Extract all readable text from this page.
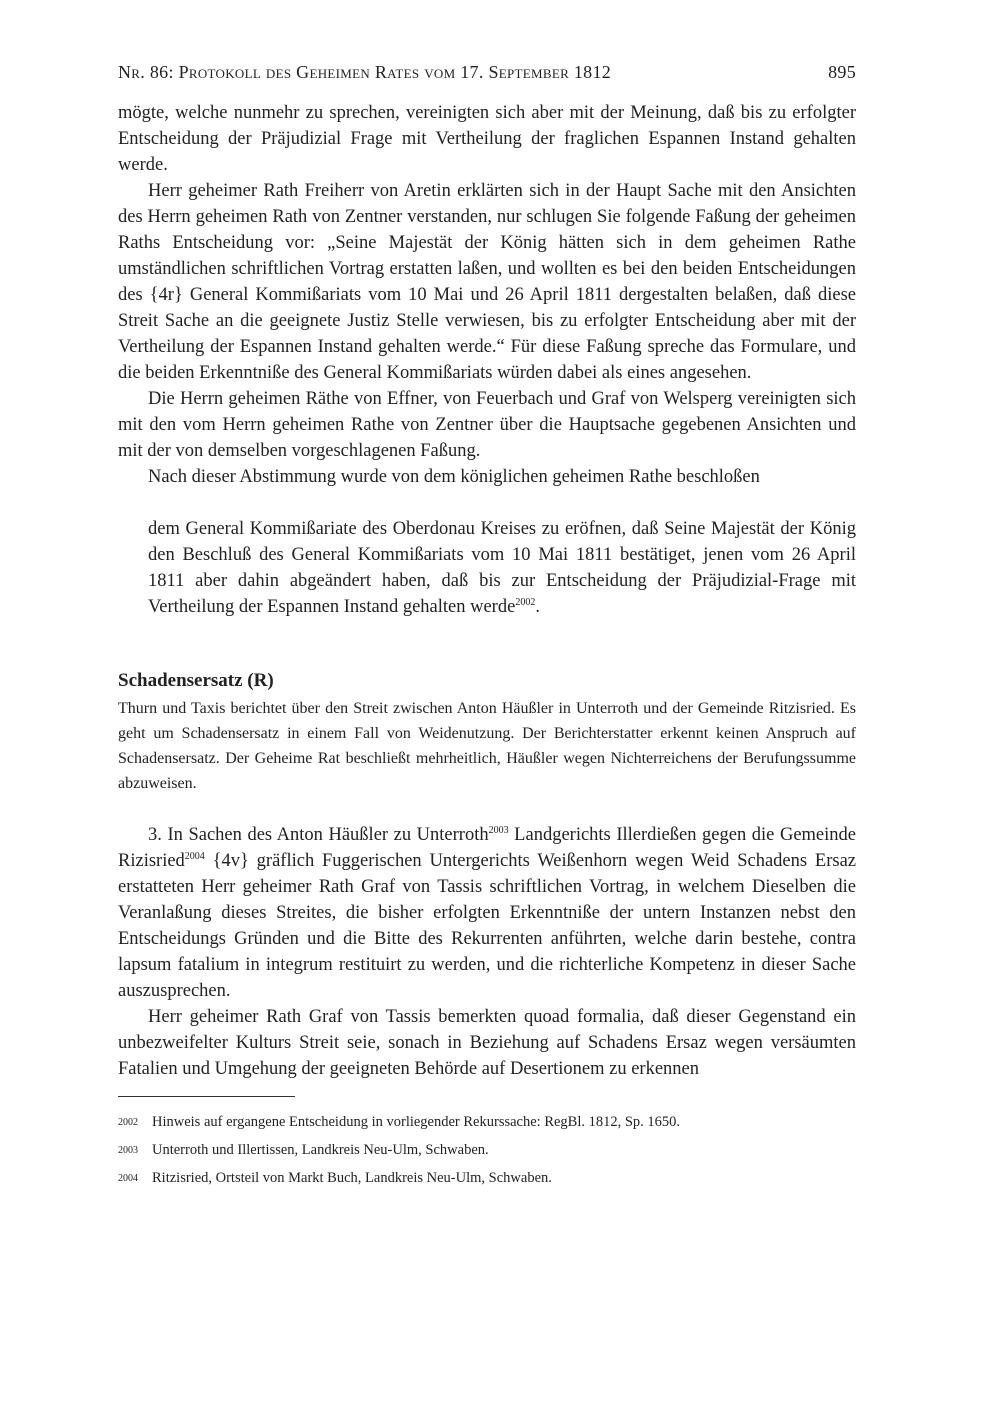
Nr. 86: Protokoll des Geheimen Rates vom 17. September 1812	895

mögte, welche nunmehr zu sprechen, vereinigten sich aber mit der Meinung, daß bis zu erfolgter Entscheidung der Präjudizial Frage mit Vertheilung der fraglichen Espannen Instand gehalten werde.

Herr geheimer Rath Freiherr von Aretin erklärten sich in der Haupt Sache mit den Ansichten des Herrn geheimen Rath von Zentner verstanden, nur schlugen Sie folgende Faßung der geheimen Raths Entscheidung vor: „Seine Majestät der König hätten sich in dem geheimen Rathe umständlichen schriftlichen Vortrag erstatten laßen, und wollten es bei den beiden Entscheidungen des {4r} General Kommißariats vom 10 Mai und 26 April 1811 dergestalten belaßen, daß diese Streit Sache an die geeignete Justiz Stelle verwiesen, bis zu erfolgter Entscheidung aber mit der Vertheilung der Espannen Instand gehalten werde.“ Für diese Faßung spreche das Formulare, und die beiden Erkenntniße des General Kommißariats würden dabei als eines angesehen.

Die Herrn geheimen Räthe von Effner, von Feuerbach und Graf von Welsperg vereinigten sich mit den vom Herrn geheimen Rathe von Zentner über die Hauptsache gegebenen Ansichten und mit der von demselben vorgeschlagenen Faßung.

Nach dieser Abstimmung wurde von dem königlichen geheimen Rathe beschloßen

dem General Kommißariate des Oberdonau Kreises zu eröfnen, daß Seine Majestät der König den Beschluß des General Kommißariats vom 10 Mai 1811 bestätiget, jenen vom 26 April 1811 aber dahin abgeändert haben, daß bis zur Entscheidung der Präjudizial-Frage mit Vertheilung der Espannen Instand gehalten werde$^{2002}$.

Schadensersatz (R)

Thurn und Taxis berichtet über den Streit zwischen Anton Häußler in Unterroth und der Gemeinde Ritzisried. Es geht um Schadensersatz in einem Fall von Weidenutzung. Der Berichterstatter erkennt keinen Anspruch auf Schadensersatz. Der Geheime Rat beschließt mehrheitlich, Häußler wegen Nichterreichens der Berufungssumme abzuweisen.

3. In Sachen des Anton Häußler zu Unterroth$^{2003}$ Landgerichts Illerdießen gegen die Gemeinde Rizisried$^{2004}$ {4v} gräflich Fuggerischen Untergerichts Weißenhorn wegen Weid Schadens Ersaz erstatteten Herr geheimer Rath Graf von Tassis schriftlichen Vortrag, in welchem Dieselben die Veranlaßung dieses Streites, die bisher erfolgten Erkenntniße der untern Instanzen nebst den Entscheidungs Gründen und die Bitte des Rekurrenten anführten, welche darin bestehe, contra lapsum fatalium in integrum restituirt zu werden, und die richterliche Kompetenz in dieser Sache auszusprechen.

Herr geheimer Rath Graf von Tassis bemerkten quoad formalia, daß dieser Gegenstand ein unbezweifelter Kulturs Streit seie, sonach in Beziehung auf Schadens Ersaz wegen versäumten Fatalien und Umgehung der geeigneten Behörde auf Desertionem zu erkennen

2002 Hinweis auf ergangene Entscheidung in vorliegender Rekurssache: RegBl. 1812, Sp. 1650.
2003 Unterroth und Illertissen, Landkreis Neu-Ulm, Schwaben.
2004 Ritzisried, Ortsteil von Markt Buch, Landkreis Neu-Ulm, Schwaben.
